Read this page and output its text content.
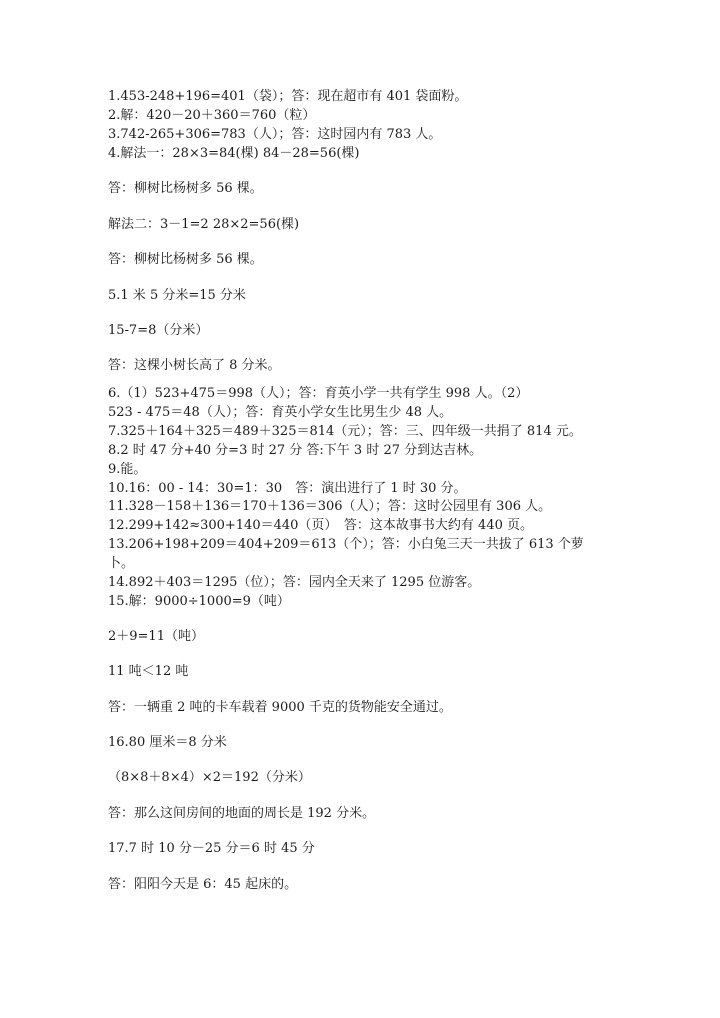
1.453-248+196=401（袋）；答：现在超市有 401 袋面粉。
2.解：420－20＋360＝760（粒）
3.742-265+306=783（人）；答：这时园内有 783 人。
4.解法一：28×3=84(棵) 84－28=56(棵)
答：柳树比杨树多 56 棵。
解法二：3－1=2 28×2=56(棵)
答：柳树比杨树多 56 棵。
5.1 米 5 分米=15 分米
15-7=8（分米）
答：这棵小树长高了 8 分米。
6.（1）523+475＝998（人）；答：育英小学一共有学生 998 人。（2）
523 - 475＝48（人）；答：育英小学女生比男生少 48 人。
7.325＋164＋325＝489＋325＝814（元）；答：三、四年级一共捐了 814 元。
8.2 时 47 分+40 分=3 时 27 分 答:下午 3 时 27 分到达吉林。
9.能。
10.16：00 - 14：30=1：30　答：演出进行了 1 时 30 分。
11.328－158＋136＝170＋136＝306（人）；答：这时公园里有 306 人。
12.299+142≈300+140＝440（页）　答：这本故事书大约有 440 页。
13.206+198+209＝404+209＝613（个）；答：小白兔三天一共拔了 613 个萝
卜。
14.892＋403＝1295（位）；答：园内全天来了 1295 位游客。
15.解：9000÷1000=9（吨）
2＋9=11（吨）
11 吨＜12 吨
答：一辆重 2 吨的卡车载着 9000 千克的货物能安全通过。
16.80 厘米＝8 分米
（8×8＋8×4）×2＝192（分米）
答：那么这间房间的地面的周长是 192 分米。
17.7 时 10 分－25 分＝6 时 45 分
答：阳阳今天是 6：45 起床的。
